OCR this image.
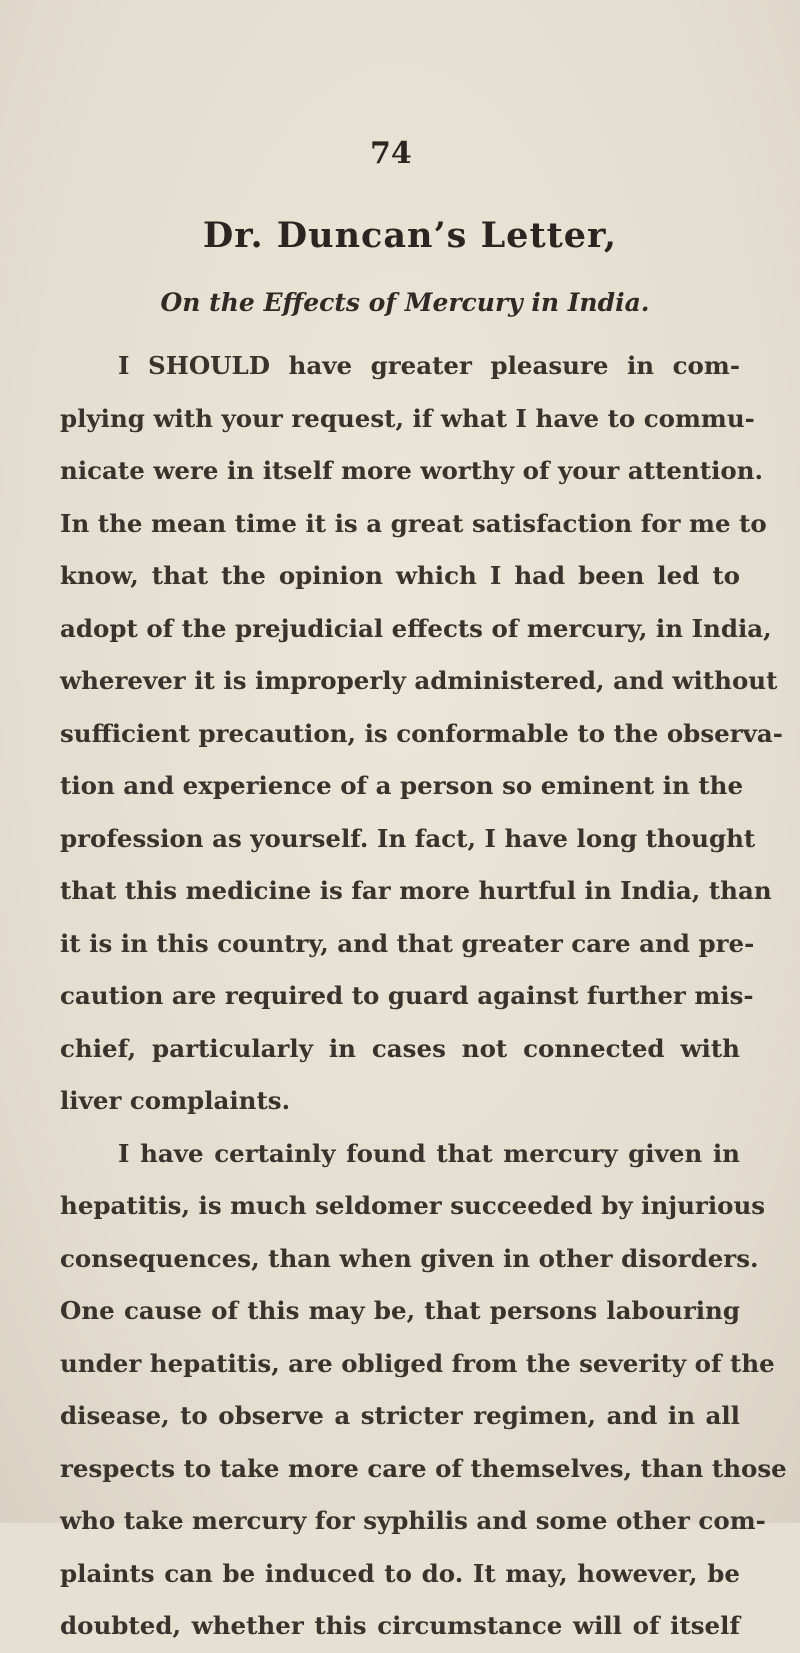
74
Dr. Duncan’s Letter,
On the Effects of Mercury in India.
I SHOULD have greater pleasure in com-
plying with your request, if what I have to commu-
nicate were in itself more worthy of your attention.
In the mean time it is a great satisfaction for me to
know, that the opinion which I had been led to
adopt of the prejudicial effects of mercury, in India,
wherever it is improperly administered, and without
sufficient precaution, is conformable to the observa-
tion and experience of a person so eminent in the
profession as yourself. In fact, I have long thought
that this medicine is far more hurtful in India, than
it is in this country, and that greater care and pre-
caution are required to guard against further mis-
chief, particularly in cases not connected with
liver complaints.
I have certainly found that mercury given in
hepatitis, is much seldomer succeeded by injurious
consequences, than when given in other disorders.
One cause of this may be, that persons labouring
under hepatitis, are obliged from the severity of the
disease, to observe a stricter regimen, and in all
respects to take more care of themselves, than those
who take mercury for syphilis and some other com-
plaints can be induced to do. It may, however, be
doubted, whether this circumstance will of itself
